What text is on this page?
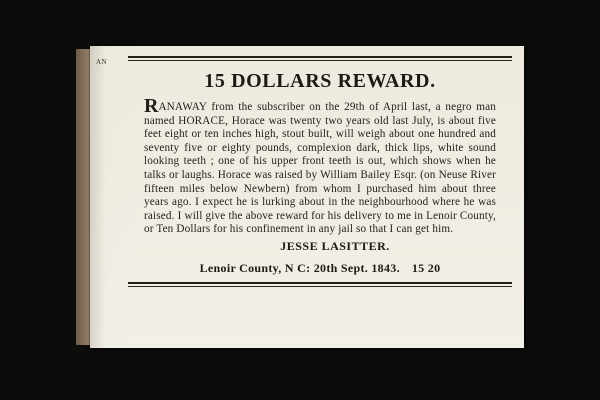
AN
15 DOLLARS REWARD.
RANAWAY from the subscriber on the 29th of April last, a negro man named HORACE, Horace was twenty two years old last July, is about five feet eight or ten inches high, stout built, will weigh about one hundred and seventy five or eighty pounds, complexion dark, thick lips, white sound looking teeth ; one of his upper front teeth is out, which shows when he talks or laughs. Horace was raised by William Bailey Esqr. (on Neuse River fifteen miles below Newbern) from whom I purchased him about three years ago. I expect he is lurking about in the neighbourhood where he was raised. I will give the above reward for his delivery to me in Lenoir County, or Ten Dollars for his confinement in any jail so that I can get him.
JESSE LASITTER.
Lenoir County, N C: 20th Sept. 1843. 15 20
